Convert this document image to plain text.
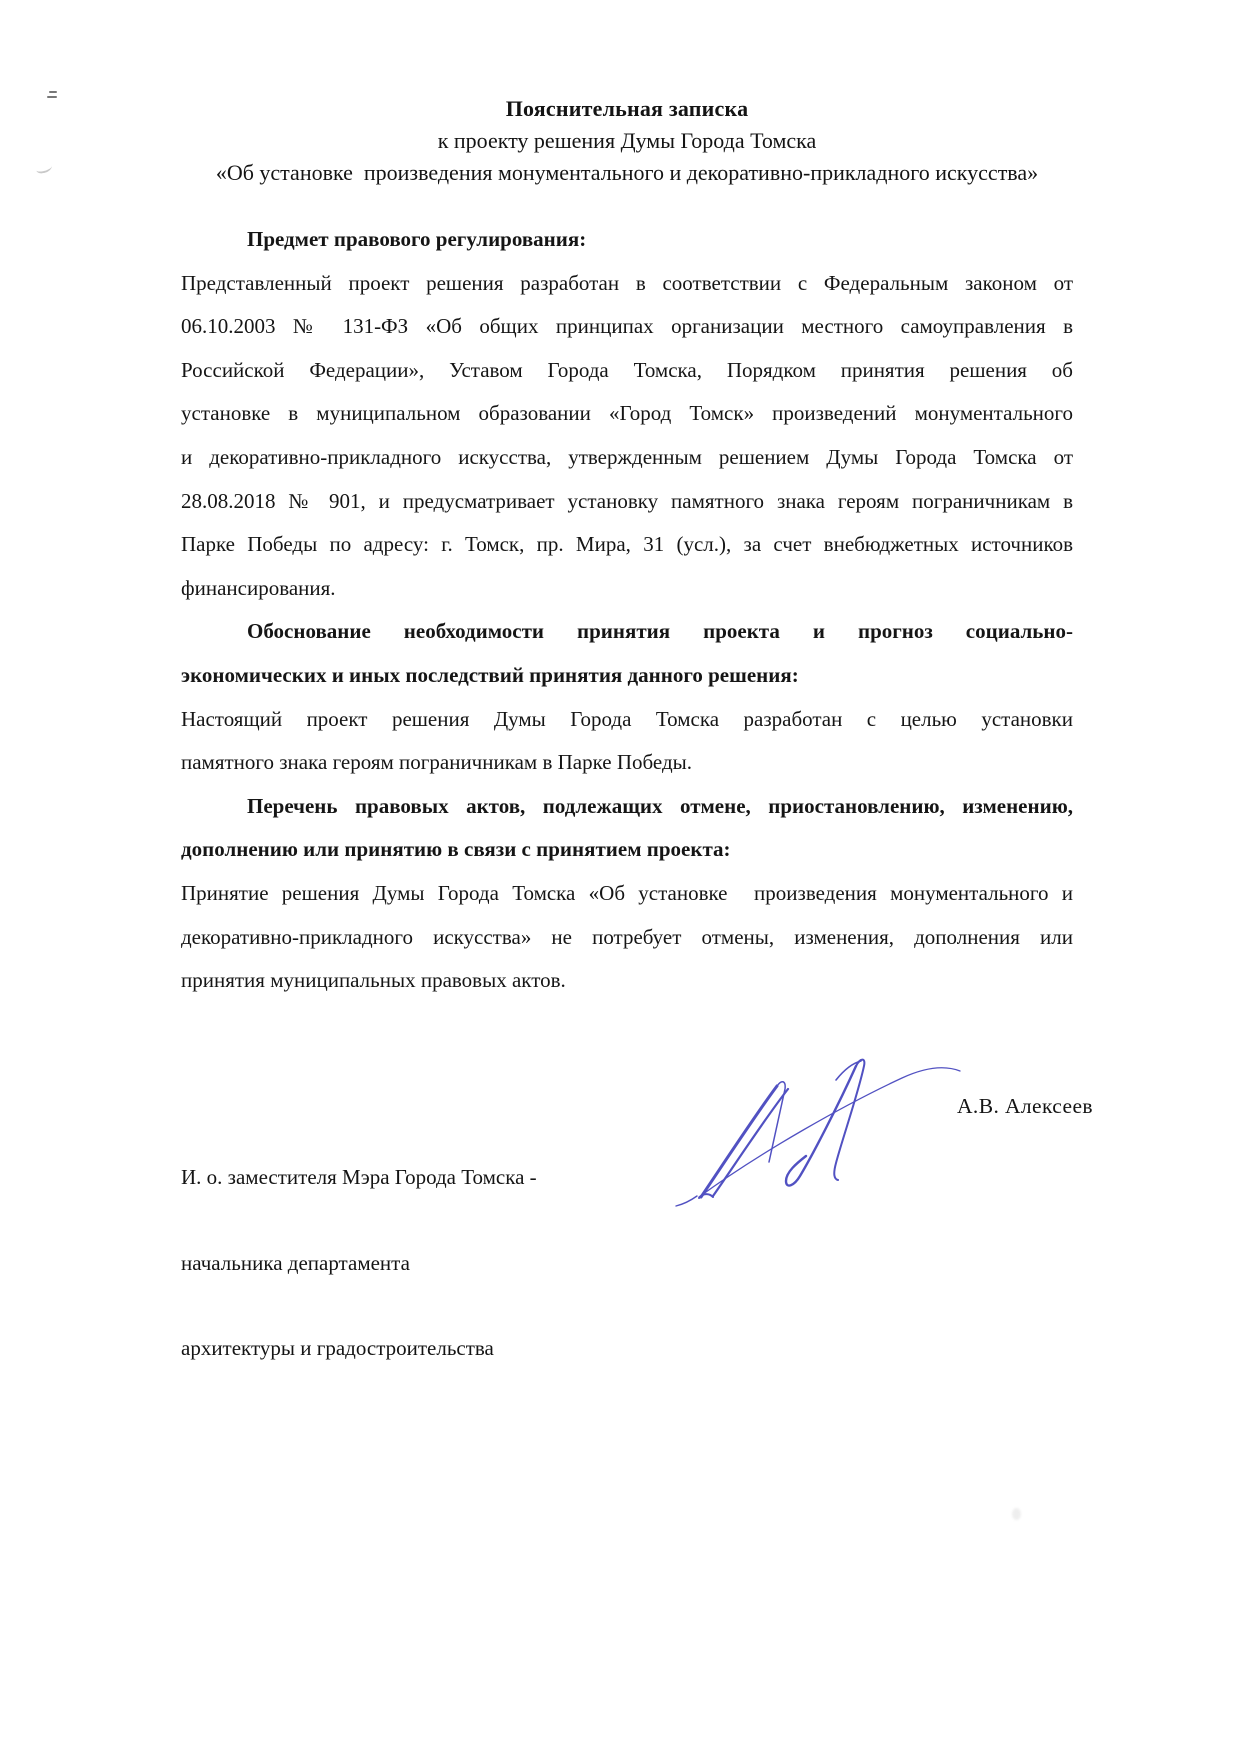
Пояснительная записка
к проекту решения Думы Города Томска
«Об установке  произведения монументального и декоративно-прикладного искусства»
Предмет правового регулирования:
Представленный проект решения разработан в соответствии с Федеральным законом от
06.10.2003 № 131-ФЗ «Об общих принципах организации местного самоуправления в
Российской Федерации», Уставом Города Томска, Порядком принятия решения об
установке в муниципальном образовании «Город Томск» произведений монументального
и декоративно-прикладного искусства, утвержденным решением Думы Города Томска от
28.08.2018 № 901, и предусматривает установку памятного знака героям пограничникам в
Парке Победы по адресу: г. Томск, пр. Мира, 31 (усл.), за счет внебюджетных источников
финансирования.
Обоснование необходимости принятия проекта и прогноз социально-
экономических и иных последствий принятия данного решения:
Настоящий проект решения Думы Города Томска разработан с целью установки
памятного знака героям пограничникам в Парке Победы.
Перечень правовых актов, подлежащих отмене, приостановлению, изменению,
дополнению или принятию в связи с принятием проекта:
Принятие решения Думы Города Томска «Об установке  произведения монументального и
декоративно-прикладного искусства» не потребует отмены, изменения, дополнения или
принятия муниципальных правовых актов.

И. о. заместителя Мэра Города Томска -

начальника департамента

архитектуры и градостроительства

А.В. Алексеев
